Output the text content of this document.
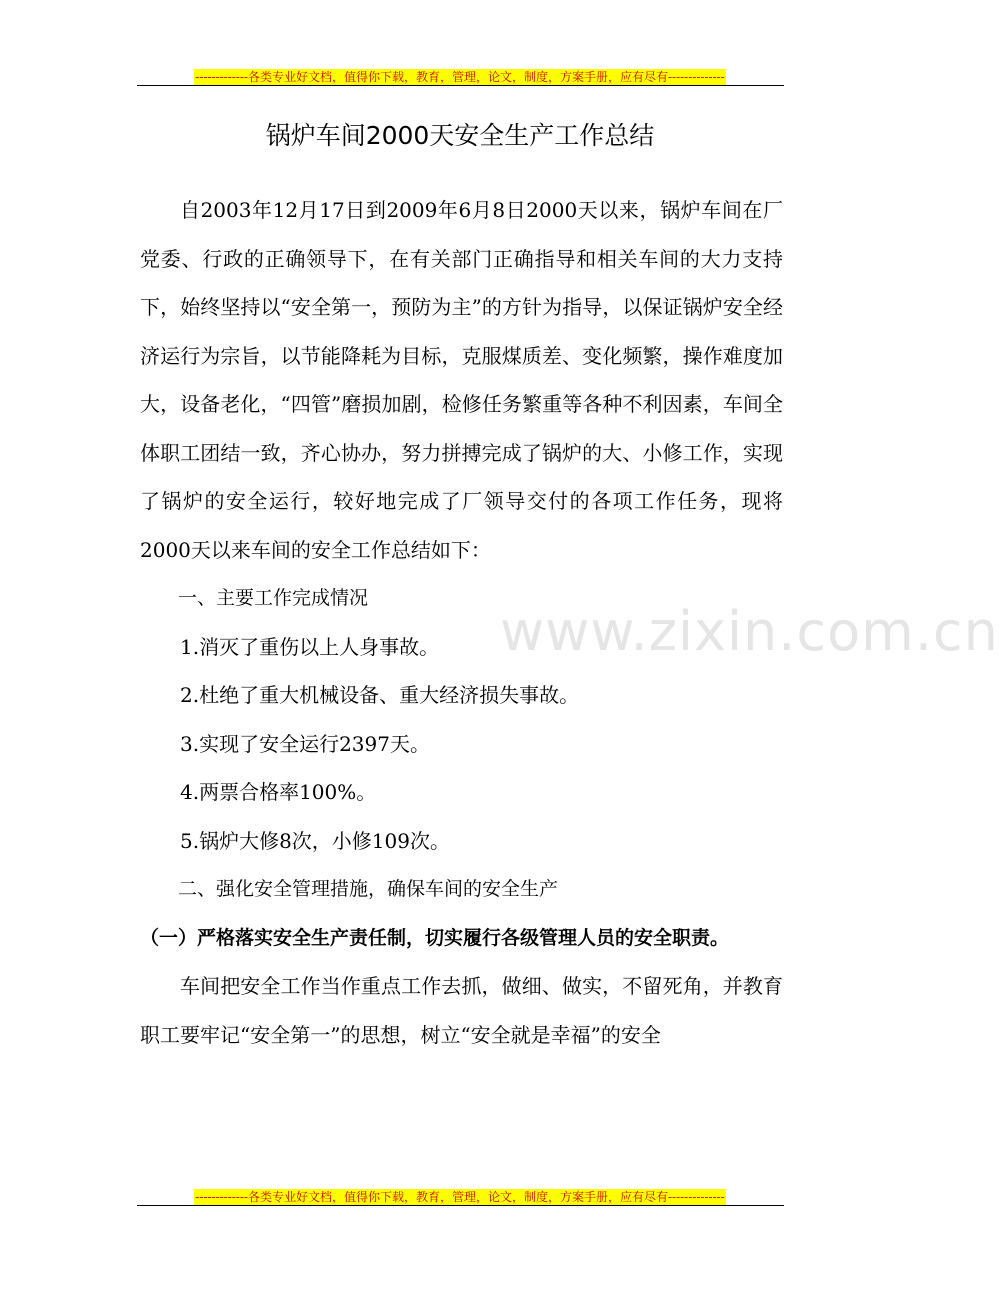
-------------各类专业好文档，值得你下载，教育，管理，论文，制度，方案手册，应有尽有--------------
锅炉车间2000天安全生产工作总结

自2003年12月17日到2009年6月8日2000天以来，锅炉车间在厂党委、行政的正确领导下，在有关部门正确指导和相关车间的大力支持下，始终坚持以“安全第一，预防为主”的方针为指导，以保证锅炉安全经济运行为宗旨，以节能降耗为目标，克服煤质差、变化频繁，操作难度加大，设备老化，“四管”磨损加剧，检修任务繁重等各种不利因素，车间全体职工团结一致，齐心协办，努力拼搏完成了锅炉的大、小修工作，实现了锅炉的安全运行，较好地完成了厂领导交付的各项工作任务，现将2000天以来车间的安全工作总结如下：

一、主要工作完成情况

1.消灭了重伤以上人身事故。

2.杜绝了重大机械设备、重大经济损失事故。

3.实现了安全运行2397天。

4.两票合格率100%。

5.锅炉大修8次，小修109次。

二、强化安全管理措施，确保车间的安全生产

（一）严格落实安全生产责任制，切实履行各级管理人员的安全职责。

车间把安全工作当作重点工作去抓，做细、做实，不留死角，并教育职工要牢记“安全第一”的思想，树立“安全就是幸福”的安全

www.zixin.com.cn
-------------各类专业好文档，值得你下载，教育，管理，论文，制度，方案手册，应有尽有--------------
